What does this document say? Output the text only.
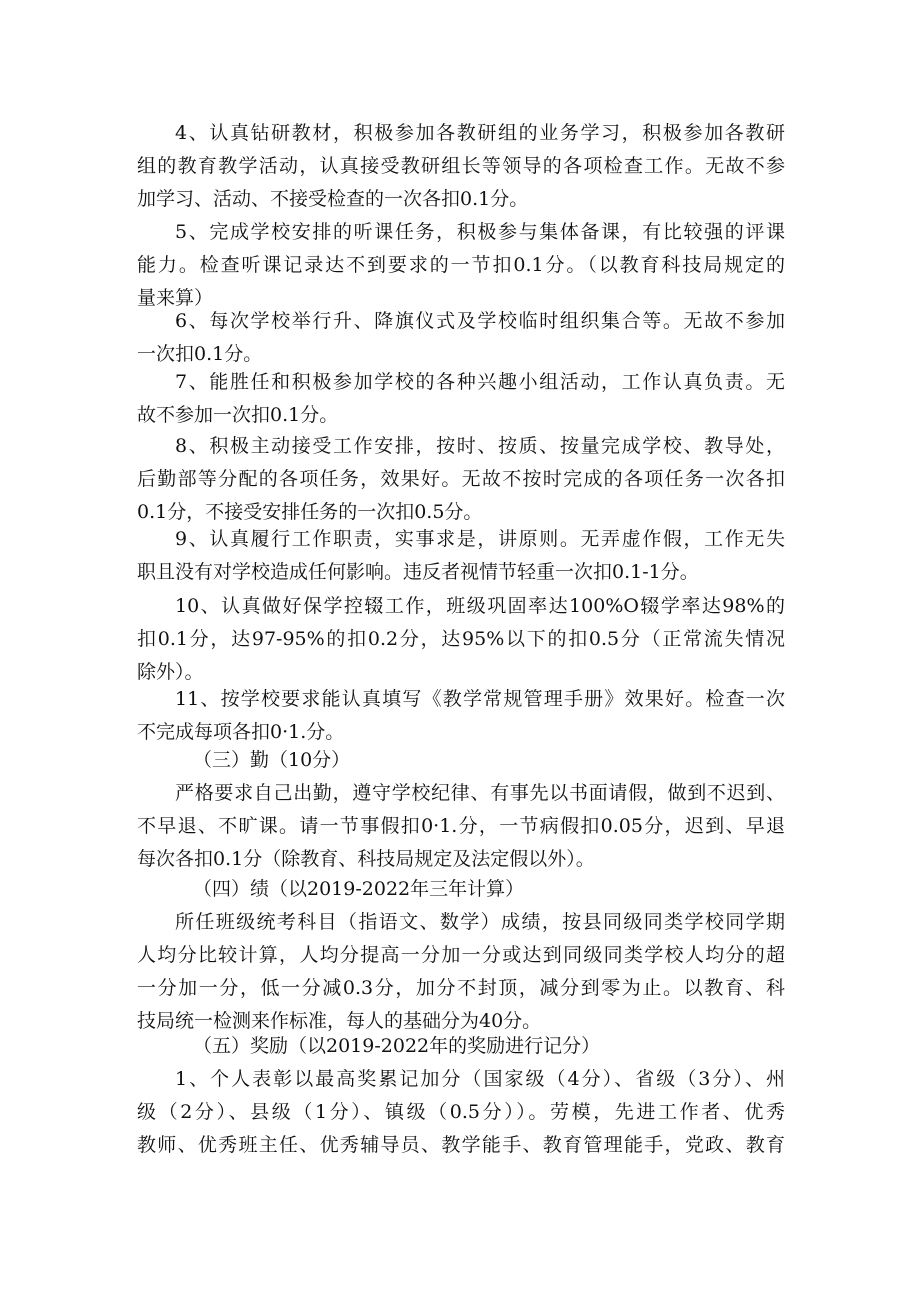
4、认真钻研教材，积极参加各教研组的业务学习，积极参加各教研
组的教育教学活动，认真接受教研组长等领导的各项检查工作。无故不参
加学习、活动、不接受检查的一次各扣0.1分。
5、完成学校安排的听课任务，积极参与集体备课，有比较强的评课
能力。检查听课记录达不到要求的一节扣0.1分。（以教育科技局规定的
量来算）
6、每次学校举行升、降旗仪式及学校临时组织集合等。无故不参加
一次扣0.1分。
7、能胜任和积极参加学校的各种兴趣小组活动，工作认真负责。无
故不参加一次扣0.1分。
8、积极主动接受工作安排，按时、按质、按量完成学校、教导处，
后勤部等分配的各项任务，效果好。无故不按时完成的各项任务一次各扣
0.1分，不接受安排任务的一次扣0.5分。
9、认真履行工作职责，实事求是，讲原则。无弄虚作假，工作无失
职且没有对学校造成任何影响。违反者视情节轻重一次扣0.1-1分。
10、认真做好保学控辍工作，班级巩固率达100%O辍学率达98%的
扣0.1分，达97-95%的扣0.2分，达95%以下的扣0.5分（正常流失情况
除外）。
11、按学校要求能认真填写《教学常规管理手册》效果好。检查一次
不完成每项各扣0·1.分。
（三）勤（10分）
严格要求自己出勤，遵守学校纪律、有事先以书面请假，做到不迟到、
不早退、不旷课。请一节事假扣0·1.分，一节病假扣0.05分，迟到、早退
每次各扣0.1分（除教育、科技局规定及法定假以外）。
（四）绩（以2019-2022年三年计算）
所任班级统考科目（指语文、数学）成绩，按县同级同类学校同学期
人均分比较计算，人均分提高一分加一分或达到同级同类学校人均分的超
一分加一分，低一分减0.3分，加分不封顶，减分到零为止。以教育、科
技局统一检测来作标准，每人的基础分为40分。
（五）奖励（以2019-2022年的奖励进行记分）
1、个人表彰以最高奖累记加分（国家级（4分）、省级（3分）、州
级（2分）、县级（1分）、镇级（0.5分））。劳模，先进工作者、优秀
教师、优秀班主任、优秀辅导员、教学能手、教育管理能手，党政、教育
